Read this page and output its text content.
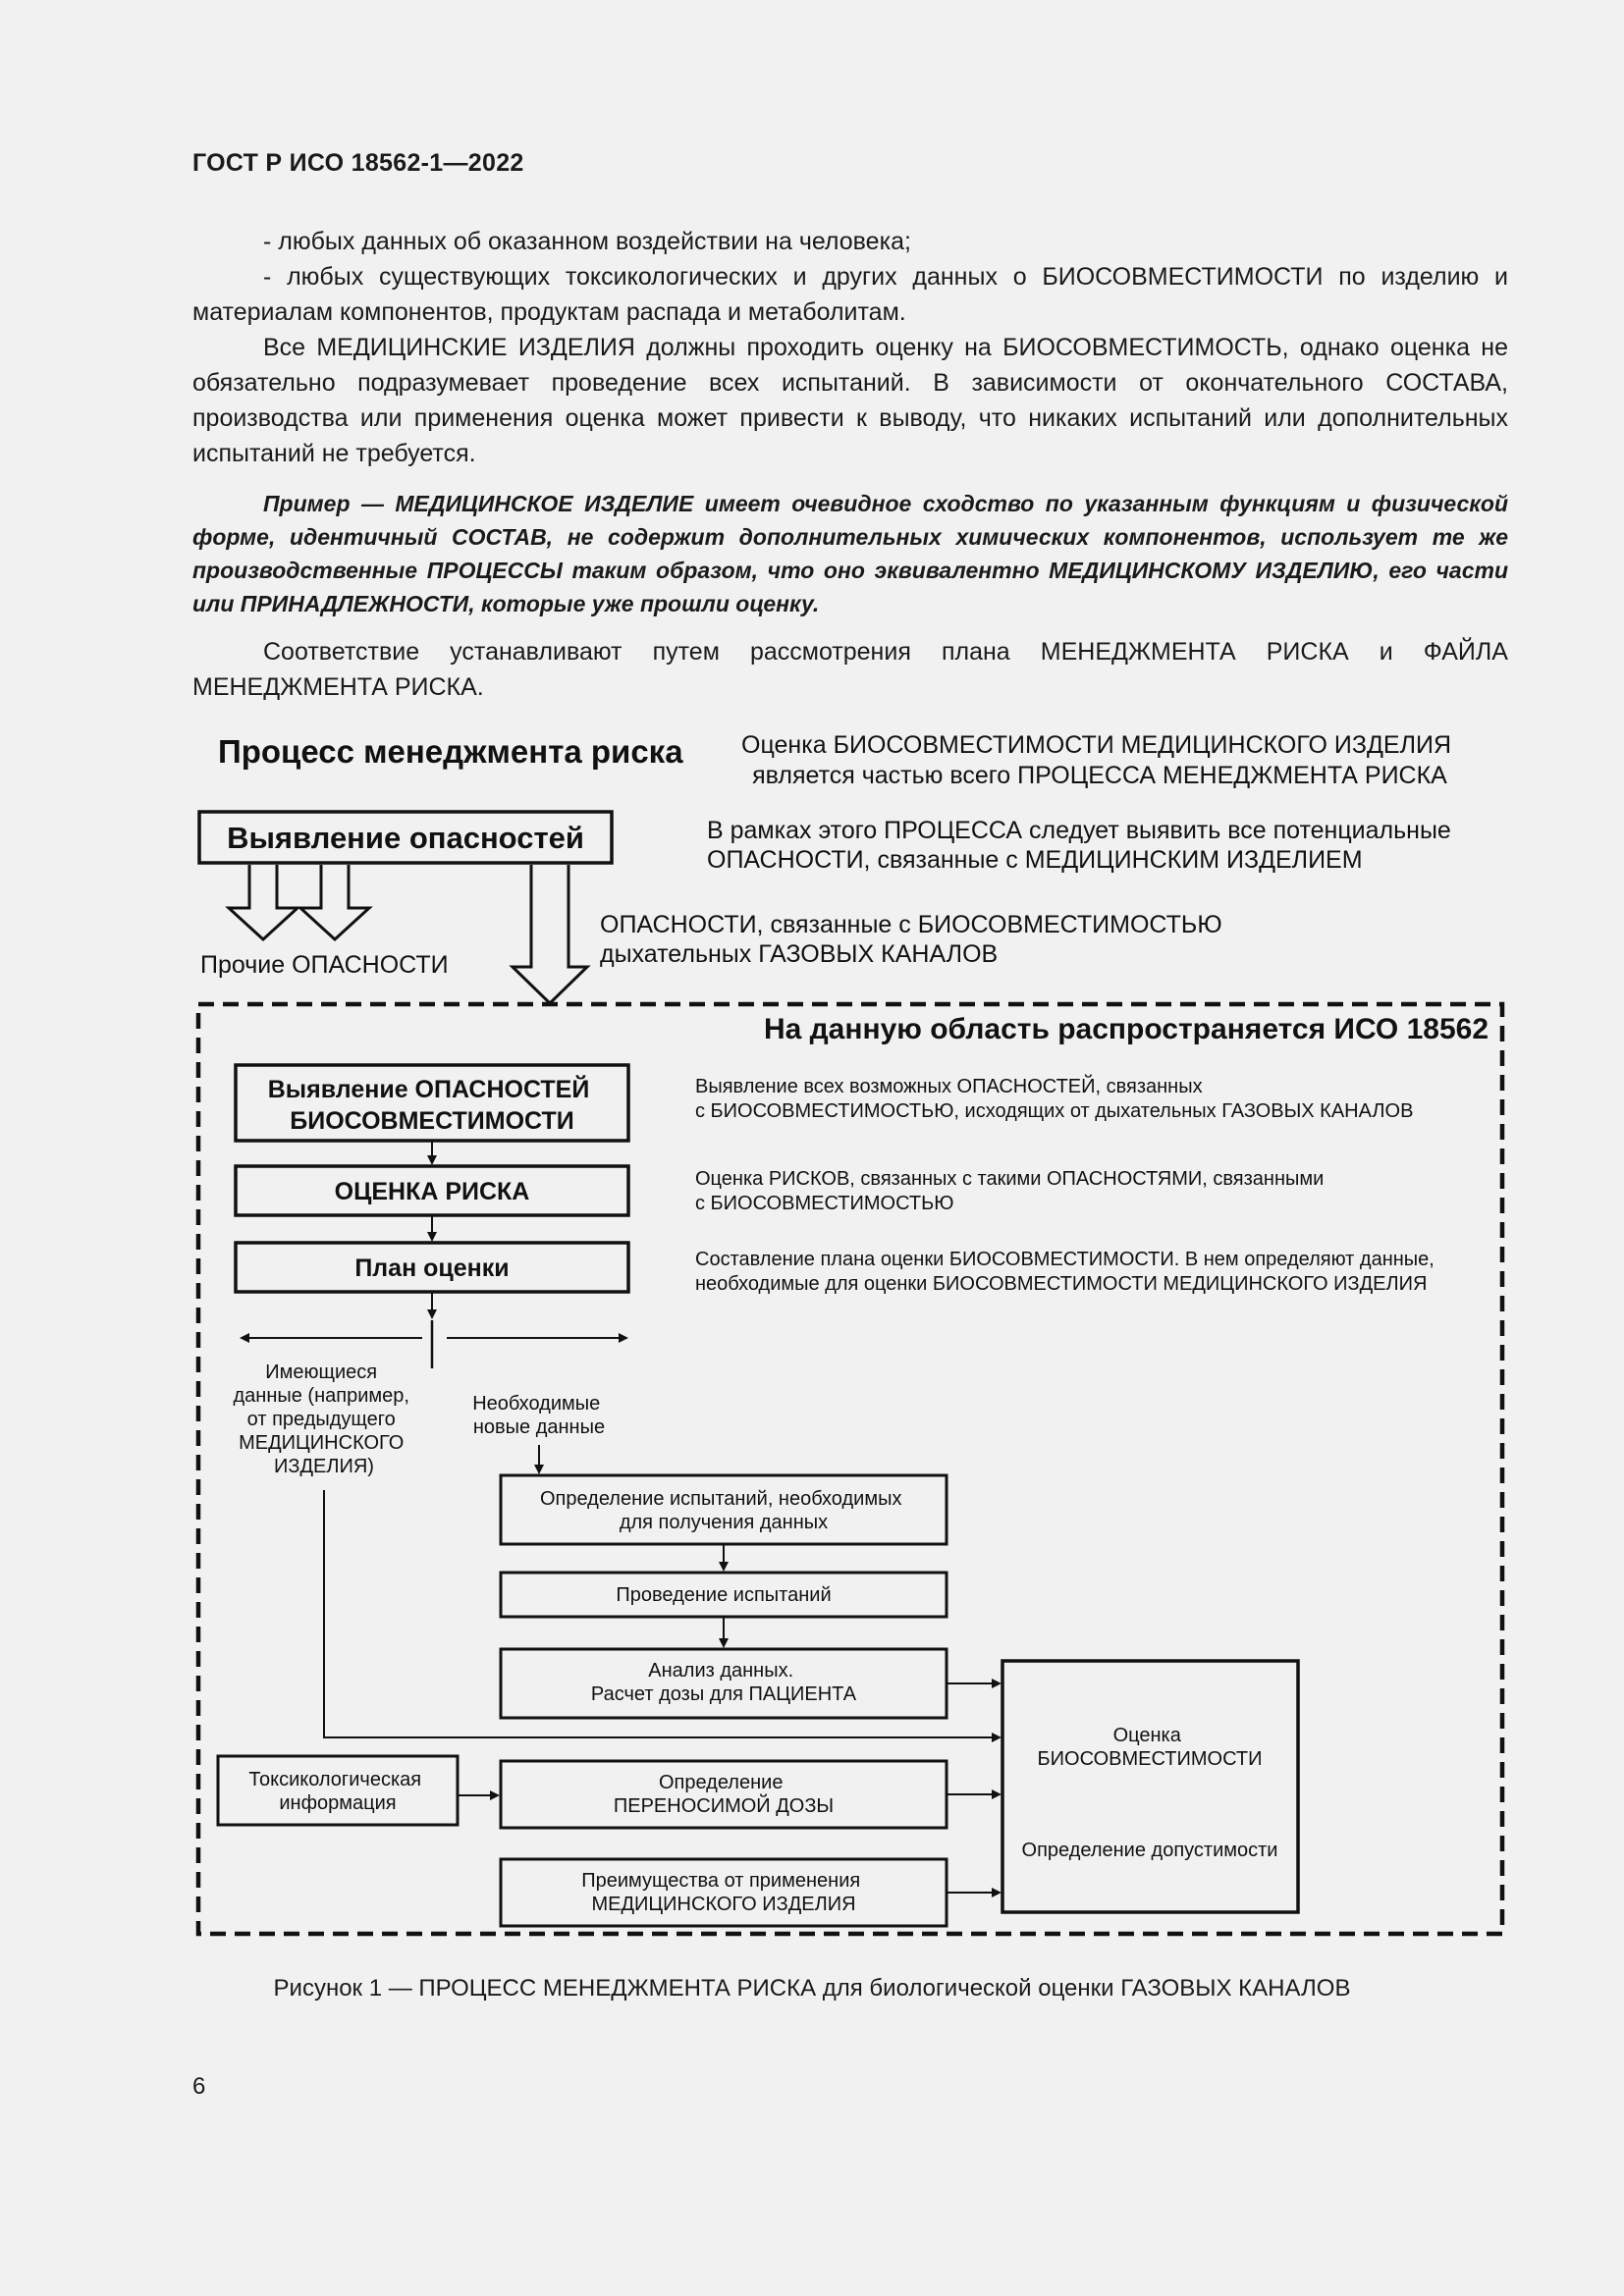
ГОСТ Р ИСО 18562-1—2022
- любых данных об оказанном воздействии на человека;
- любых существующих токсикологических и других данных о БИОСОВМЕСТИМОСТИ по изделию и материалам компонентов, продуктам распада и метаболитам.
Все МЕДИЦИНСКИЕ ИЗДЕЛИЯ должны проходить оценку на БИОСОВМЕСТИМОСТЬ, однако оценка не обязательно подразумевает проведение всех испытаний. В зависимости от окончательного СОСТАВА, производства или применения оценка может привести к выводу, что никаких испытаний или дополнительных испытаний не требуется.
Пример — МЕДИЦИНСКОЕ ИЗДЕЛИЕ имеет очевидное сходство по указанным функциям и физической форме, идентичный СОСТАВ, не содержит дополнительных химических компонентов, использует те же производственные ПРОЦЕССЫ таким образом, что оно эквивалентно МЕДИЦИНСКОМУ ИЗДЕЛИЮ, его части или ПРИНАДЛЕЖНОСТИ, которые уже прошли оценку.
Соответствие устанавливают путем рассмотрения плана МЕНЕДЖМЕНТА РИСКА и ФАЙЛА МЕНЕДЖМЕНТА РИСКА.
Процесс менеджмента риска Оценка БИОСОВМЕСТИМОСТИ МЕДИЦИНСКОГО ИЗДЕЛИЯ является частью всего ПРОЦЕССА МЕНЕДЖМЕНТА РИСКА
Выявление опасностей	В рамках этого ПРОЦЕССА следует выявить все потенциальные ОПАСНОСТИ, связанные с МЕДИЦИНСКИМ ИЗДЕЛИЕМ
Прочие ОПАСНОСТИ
ОПАСНОСТИ, связанные с БИОСОВМЕСТИМОСТЬЮ дыхательных ГАЗОВЫХ КАНАЛОВ
На данную область распространяется ИСО 18562
Выявление ОПАСНОСТЕЙ БИОСОВМЕСТИМОСТИ
Выявление всех возможных ОПАСНОСТЕЙ, связанных с БИОСОВМЕСТИМОСТЬЮ, исходящих от дыхательных ГАЗОВЫХ КАНАЛОВ
ОЦЕНКА РИСКА	Оценка РИСКОВ, связанных с такими ОПАСНОСТЯМИ, связанными с БИОСОВМЕСТИМОСТЬЮ
План оценки	Составление плана оценки БИОСОВМЕСТИМОСТИ. В нем определяют данные, необходимые для оценки БИОСОВМЕСТИМОСТИ МЕДИЦИНСКОГО ИЗДЕЛИЯ
Имеющиеся данные (например, от предыдущего МЕДИЦИНСКОГО ИЗДЕЛИЯ)
Необходимые новые данные
Определение испытаний, необходимых для получения данных
Проведение испытаний
Анализ данных. Расчет дозы для ПАЦИЕНТА
Токсикологическая информация
Определение ПЕРЕНОСИМОЙ ДОЗЫ
Преимущества от применения МЕДИЦИНСКОГО ИЗДЕЛИЯ
Оценка БИОСОВМЕСТИМОСТИ
Определение допустимости
Рисунок 1 — ПРОЦЕСС МЕНЕДЖМЕНТА РИСКА для биологической оценки ГАЗОВЫХ КАНАЛОВ
6
